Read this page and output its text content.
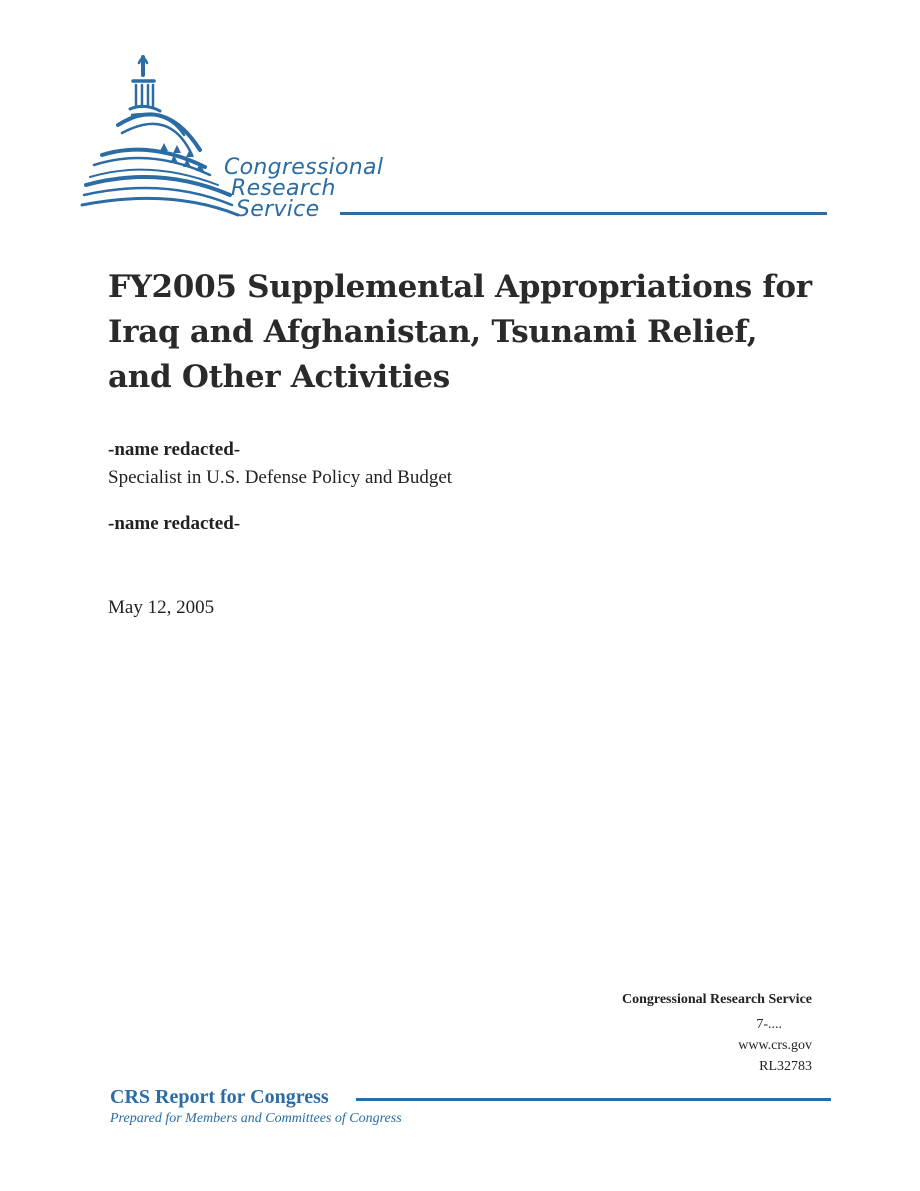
Congressional
Research
Service
FY2005 Supplemental Appropriations for Iraq and Afghanistan, Tsunami Relief, and Other Activities
-name redacted-
Specialist in U.S. Defense Policy and Budget
-name redacted-
May 12, 2005
Congressional Research Service
7-....
www.crs.gov
RL32783
CRS Report for Congress
Prepared for Members and Committees of Congress
